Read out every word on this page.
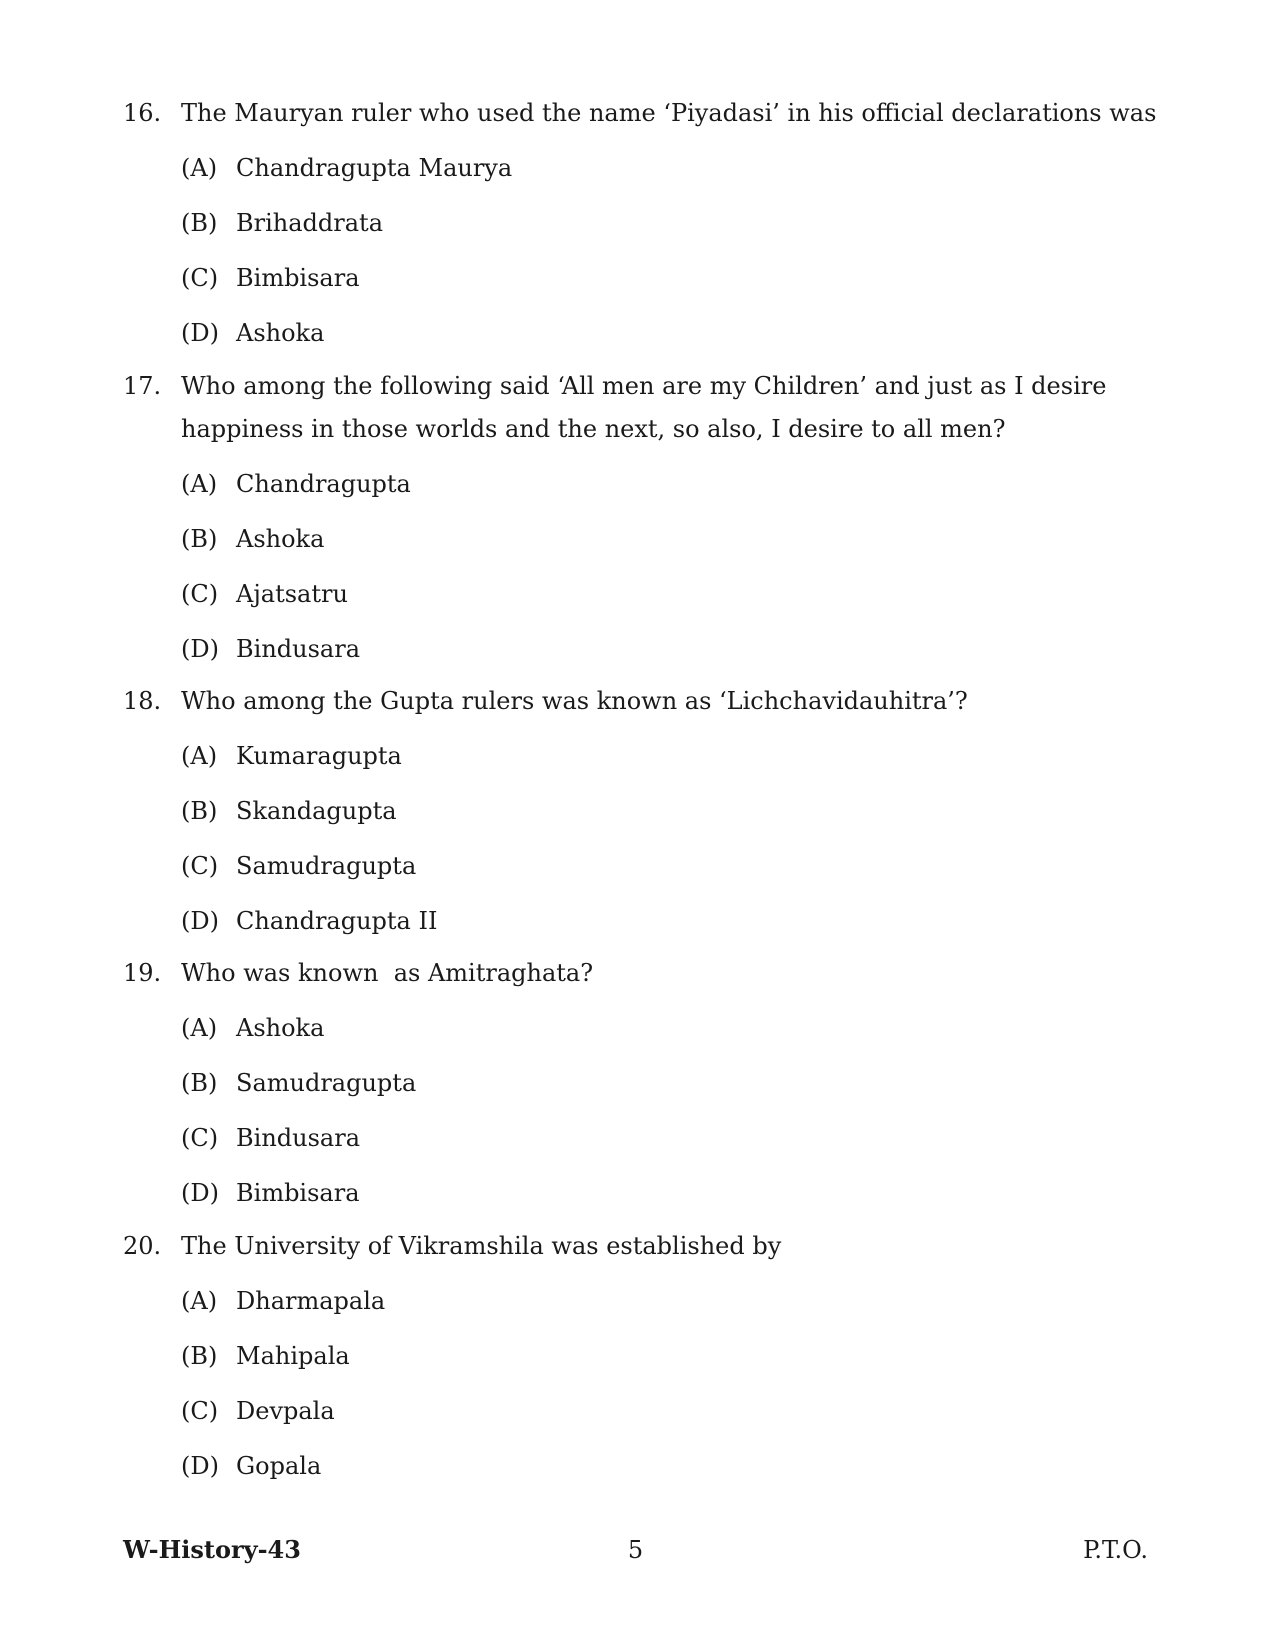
16. The Mauryan ruler who used the name ‘Piyadasi’ in his official declarations was
(A) Chandragupta Maurya
(B) Brihaddrata
(C) Bimbisara
(D) Ashoka
17. Who among the following said ‘All men are my Children’ and just as I desire happiness in those worlds and the next, so also, I desire to all men?
(A) Chandragupta
(B) Ashoka
(C) Ajatsatru
(D) Bindusara
18. Who among the Gupta rulers was known as ‘Lichchavidauhitra’?
(A) Kumaragupta
(B) Skandagupta
(C) Samudragupta
(D) Chandragupta II
19. Who was known  as Amitraghata?
(A) Ashoka
(B) Samudragupta
(C) Bindusara
(D) Bimbisara
20. The University of Vikramshila was established by
(A) Dharmapala
(B) Mahipala
(C) Devpala
(D) Gopala
5
W-History-43	P.T.O.
